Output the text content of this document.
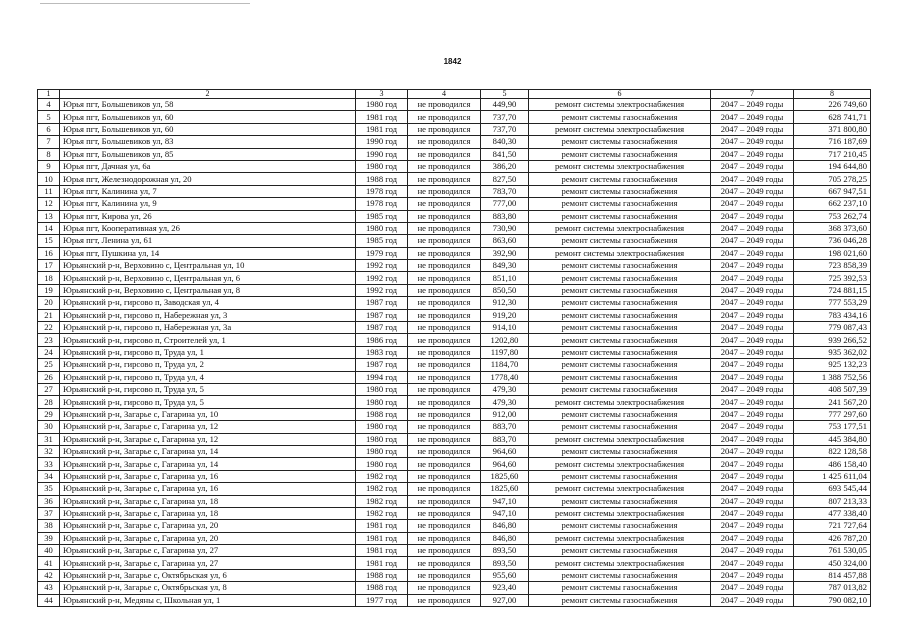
1842
1	2	3	4	5	6	7	8
4	Юрья пгт, Большевиков ул, 58	1980 год	не проводился	449,90	ремонт системы электроснабжения	2047 – 2049 годы	226 749,60
5	Юрья пгт, Большевиков ул, 60	1981 год	не проводился	737,70	ремонт системы газоснабжения	2047 – 2049 годы	628 741,71
6	Юрья пгт, Большевиков ул, 60	1981 год	не проводился	737,70	ремонт системы электроснабжения	2047 – 2049 годы	371 800,80
7	Юрья пгт, Большевиков ул, 83	1990 год	не проводился	840,30	ремонт системы газоснабжения	2047 – 2049 годы	716 187,69
8	Юрья пгт, Большевиков ул, 85	1990 год	не проводился	841,50	ремонт системы газоснабжения	2047 – 2049 годы	717 210,45
9	Юрья пгт, Дачная ул, 6а	1980 год	не проводился	386,20	ремонт системы электроснабжения	2047 – 2049 годы	194 644,80
10	Юрья пгт, Железнодорожная ул, 20	1988 год	не проводился	827,50	ремонт системы газоснабжения	2047 – 2049 годы	705 278,25
11	Юрья пгт, Калинина ул, 7	1978 год	не проводился	783,70	ремонт системы газоснабжения	2047 – 2049 годы	667 947,51
12	Юрья пгт, Калинина ул, 9	1978 год	не проводился	777,00	ремонт системы газоснабжения	2047 – 2049 годы	662 237,10
13	Юрья пгт, Кирова ул, 26	1985 год	не проводился	883,80	ремонт системы газоснабжения	2047 – 2049 годы	753 262,74
14	Юрья пгт, Кооперативная ул, 26	1980 год	не проводился	730,90	ремонт системы электроснабжения	2047 – 2049 годы	368 373,60
15	Юрья пгт, Ленина ул, 61	1985 год	не проводился	863,60	ремонт системы газоснабжения	2047 – 2049 годы	736 046,28
16	Юрья пгт, Пушкина ул, 14	1979 год	не проводился	392,90	ремонт системы электроснабжения	2047 – 2049 годы	198 021,60
17	Юрьянский р-н, Верховино с, Центральная ул, 10	1992 год	не проводился	849,30	ремонт системы газоснабжения	2047 – 2049 годы	723 858,39
18	Юрьянский р-н, Верховино с, Центральная ул, 6	1992 год	не проводился	851,10	ремонт системы газоснабжения	2047 – 2049 годы	725 392,53
19	Юрьянский р-н, Верховино с, Центральная ул, 8	1992 год	не проводился	850,50	ремонт системы газоснабжения	2047 – 2049 годы	724 881,15
20	Юрьянский р-н, гирсово п, Заводская ул, 4	1987 год	не проводился	912,30	ремонт системы газоснабжения	2047 – 2049 годы	777 553,29
21	Юрьянский р-н, гирсово п, Набережная ул, 3	1987 год	не проводился	919,20	ремонт системы газоснабжения	2047 – 2049 годы	783 434,16
22	Юрьянский р-н, гирсово п, Набережная ул, 3а	1987 год	не проводился	914,10	ремонт системы газоснабжения	2047 – 2049 годы	779 087,43
23	Юрьянский р-н, гирсово п, Строителей ул, 1	1986 год	не проводился	1202,80	ремонт системы газоснабжения	2047 – 2049 годы	939 266,52
24	Юрьянский р-н, гирсово п, Труда ул, 1	1983 год	не проводился	1197,80	ремонт системы газоснабжения	2047 – 2049 годы	935 362,02
25	Юрьянский р-н, гирсово п, Труда ул, 2	1987 год	не проводился	1184,70	ремонт системы газоснабжения	2047 – 2049 годы	925 132,23
26	Юрьянский р-н, гирсово п, Труда ул, 4	1994 год	не проводился	1778,40	ремонт системы газоснабжения	2047 – 2049 годы	1 388 752,56
27	Юрьянский р-н, гирсово п, Труда ул, 5	1980 год	не проводился	479,30	ремонт системы газоснабжения	2047 – 2049 годы	408 507,39
28	Юрьянский р-н, гирсово п, Труда ул, 5	1980 год	не проводился	479,30	ремонт системы электроснабжения	2047 – 2049 годы	241 567,20
29	Юрьянский р-н, Загарье с, Гагарина ул, 10	1988 год	не проводился	912,00	ремонт системы газоснабжения	2047 – 2049 годы	777 297,60
30	Юрьянский р-н, Загарье с, Гагарина ул, 12	1980 год	не проводился	883,70	ремонт системы газоснабжения	2047 – 2049 годы	753 177,51
31	Юрьянский р-н, Загарье с, Гагарина ул, 12	1980 год	не проводился	883,70	ремонт системы электроснабжения	2047 – 2049 годы	445 384,80
32	Юрьянский р-н, Загарье с, Гагарина ул, 14	1980 год	не проводился	964,60	ремонт системы газоснабжения	2047 – 2049 годы	822 128,58
33	Юрьянский р-н, Загарье с, Гагарина ул, 14	1980 год	не проводился	964,60	ремонт системы электроснабжения	2047 – 2049 годы	486 158,40
34	Юрьянский р-н, Загарье с, Гагарина ул, 16	1982 год	не проводился	1825,60	ремонт системы газоснабжения	2047 – 2049 годы	1 425 611,04
35	Юрьянский р-н, Загарье с, Гагарина ул, 16	1982 год	не проводился	1825,60	ремонт системы электроснабжения	2047 – 2049 годы	693 545,44
36	Юрьянский р-н, Загарье с, Гагарина ул, 18	1982 год	не проводился	947,10	ремонт системы газоснабжения	2047 – 2049 годы	807 213,33
37	Юрьянский р-н, Загарье с, Гагарина ул, 18	1982 год	не проводился	947,10	ремонт системы электроснабжения	2047 – 2049 годы	477 338,40
38	Юрьянский р-н, Загарье с, Гагарина ул, 20	1981 год	не проводился	846,80	ремонт системы газоснабжения	2047 – 2049 годы	721 727,64
39	Юрьянский р-н, Загарье с, Гагарина ул, 20	1981 год	не проводился	846,80	ремонт системы электроснабжения	2047 – 2049 годы	426 787,20
40	Юрьянский р-н, Загарье с, Гагарина ул, 27	1981 год	не проводился	893,50	ремонт системы газоснабжения	2047 – 2049 годы	761 530,05
41	Юрьянский р-н, Загарье с, Гагарина ул, 27	1981 год	не проводился	893,50	ремонт системы электроснабжения	2047 – 2049 годы	450 324,00
42	Юрьянский р-н, Загарье с, Октябрьская ул, 6	1988 год	не проводился	955,60	ремонт системы газоснабжения	2047 – 2049 годы	814 457,88
43	Юрьянский р-н, Загарье с, Октябрьская ул, 8	1988 год	не проводился	923,40	ремонт системы газоснабжения	2047 – 2049 годы	787 013,82
44	Юрьянский р-н, Медяны с, Школьная ул, 1	1977 год	не проводился	927,00	ремонт системы газоснабжения	2047 – 2049 годы	790 082,10
